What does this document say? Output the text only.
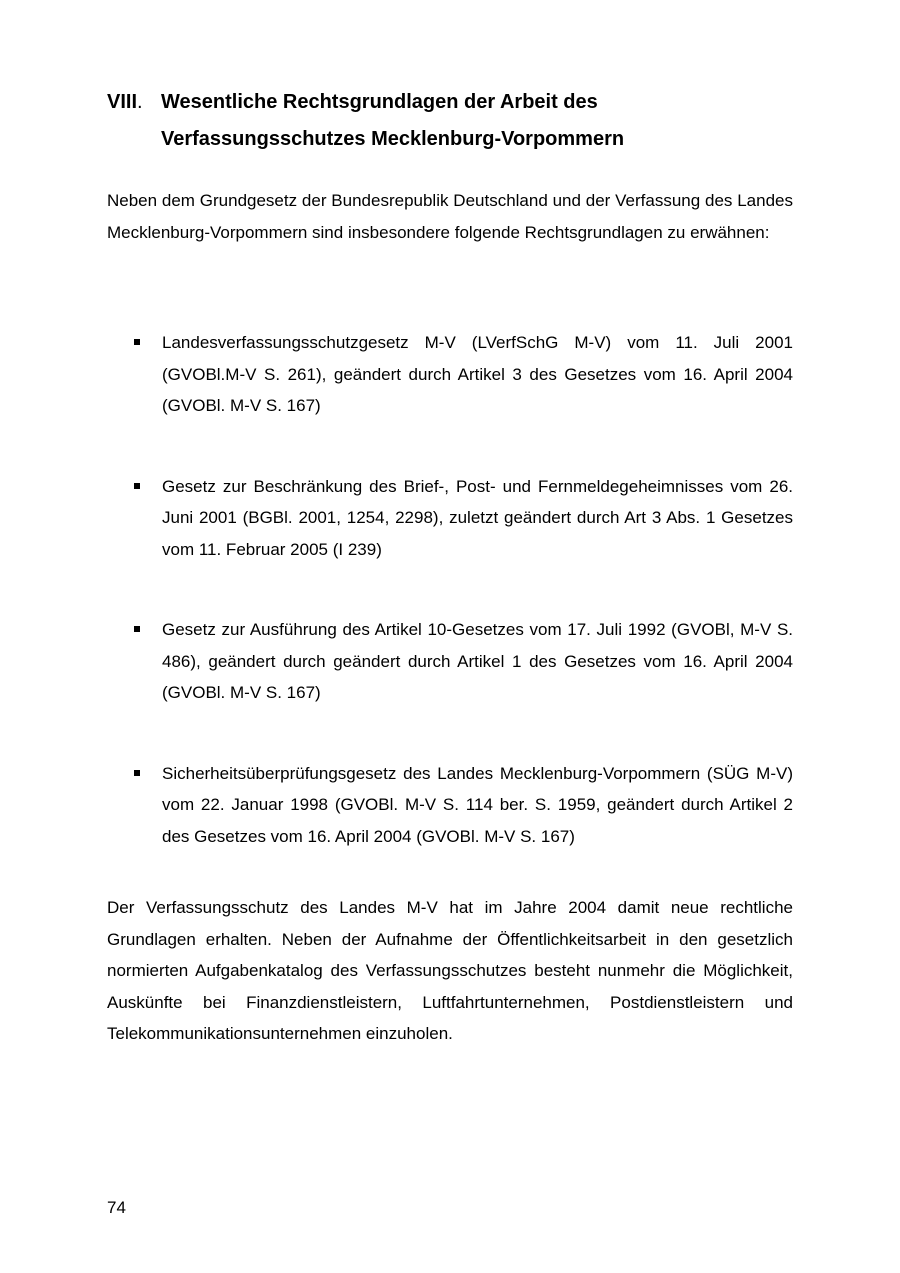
VIII. Wesentliche Rechtsgrundlagen der Arbeit des
Verfassungsschutzes Mecklenburg-Vorpommern

Neben dem Grundgesetz der Bundesrepublik Deutschland und der Verfassung des Landes Mecklenburg-Vorpommern sind insbesondere folgende Rechtsgrundlagen zu erwähnen:

Landesverfassungsschutzgesetz M-V (LVerfSchG M-V) vom 11. Juli 2001 (GVOBl.M-V S. 261), geändert durch Artikel 3 des Gesetzes vom 16. April 2004 (GVOBl. M-V S. 167)
Gesetz zur Beschränkung des Brief-, Post- und Fernmeldegeheimnisses vom 26. Juni 2001 (BGBl. 2001, 1254, 2298), zuletzt geändert durch Art 3 Abs. 1 Gesetzes vom 11. Februar 2005 (I 239)
Gesetz zur Ausführung des Artikel 10-Gesetzes vom 17. Juli 1992 (GVOBl, M-V S. 486), geändert durch geändert durch Artikel 1 des Gesetzes vom 16. April 2004 (GVOBl. M-V S. 167)
Sicherheitsüberprüfungsgesetz des Landes Mecklenburg-Vorpommern (SÜG M-V) vom 22. Januar 1998 (GVOBl. M-V S. 114 ber. S. 1959, geändert durch Artikel 2 des Gesetzes vom 16. April 2004 (GVOBl. M-V S. 167)

Der Verfassungsschutz des Landes M-V hat im Jahre 2004 damit neue rechtliche Grundlagen erhalten. Neben der Aufnahme der Öffentlichkeitsarbeit in den gesetzlich normierten Aufgabenkatalog des Verfassungsschutzes besteht nunmehr die Möglichkeit, Auskünfte bei Finanzdienstleistern, Luftfahrtunternehmen, Postdienstleistern und Telekommunikationsunternehmen einzuholen.

74
